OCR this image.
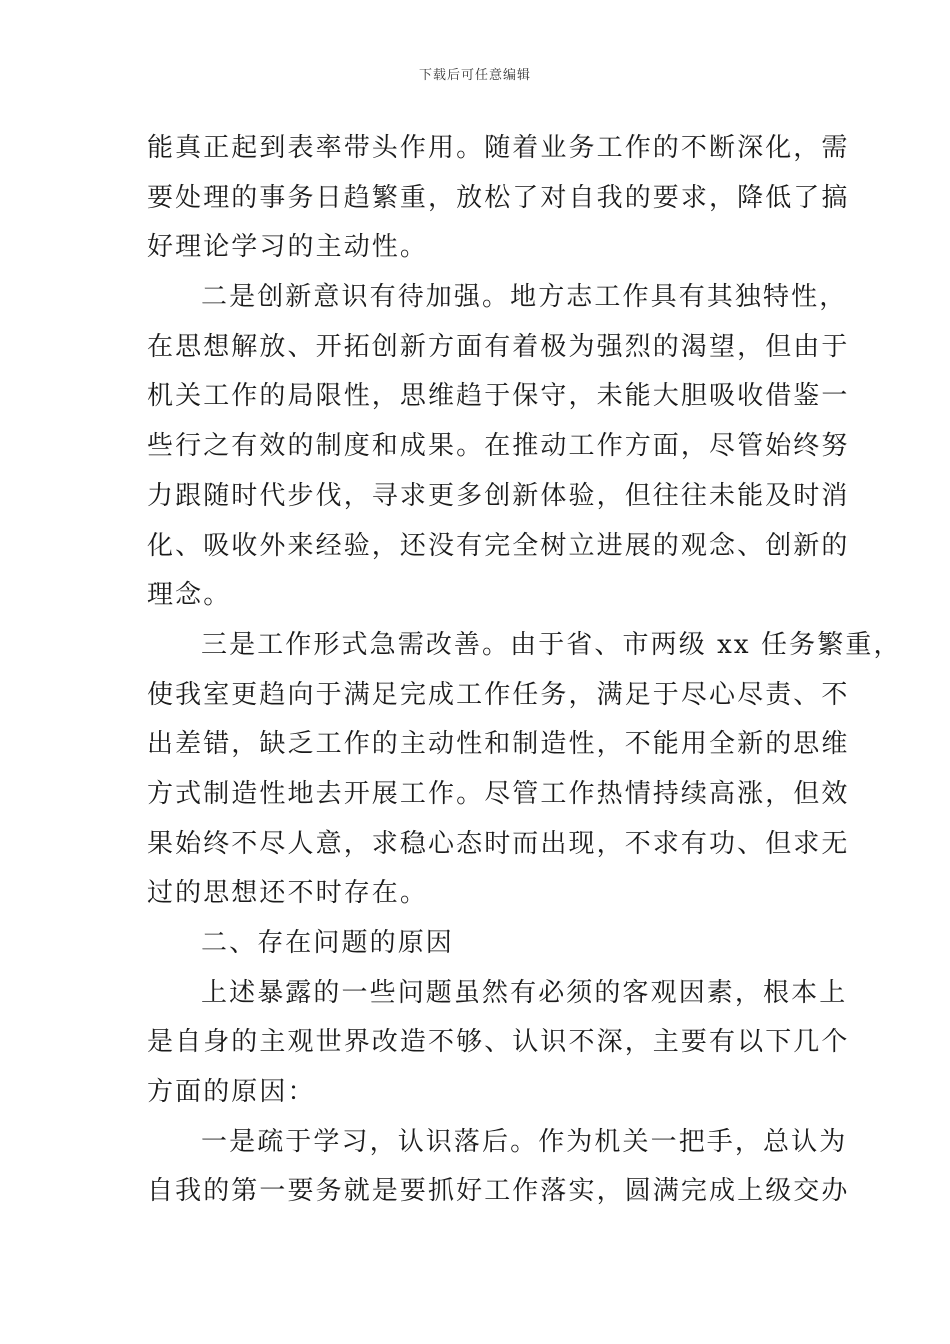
下载后可任意编辑
能真正起到表率带头作用。随着业务工作的不断深化，需
要处理的事务日趋繁重，放松了对自我的要求，降低了搞
好理论学习的主动性。
二是创新意识有待加强。地方志工作具有其独特性，
在思想解放、开拓创新方面有着极为强烈的渴望，但由于
机关工作的局限性，思维趋于保守，未能大胆吸收借鉴一
些行之有效的制度和成果。在推动工作方面，尽管始终努
力跟随时代步伐，寻求更多创新体验，但往往未能及时消
化、吸收外来经验，还没有完全树立进展的观念、创新的
理念。
三是工作形式急需改善。由于省、市两级 xx 任务繁重，
使我室更趋向于满足完成工作任务，满足于尽心尽责、不
出差错，缺乏工作的主动性和制造性，不能用全新的思维
方式制造性地去开展工作。尽管工作热情持续高涨，但效
果始终不尽人意，求稳心态时而出现，不求有功、但求无
过的思想还不时存在。
二、存在问题的原因
上述暴露的一些问题虽然有必须的客观因素，根本上
是自身的主观世界改造不够、认识不深，主要有以下几个
方面的原因：
一是疏于学习，认识落后。作为机关一把手，总认为
自我的第一要务就是要抓好工作落实，圆满完成上级交办
